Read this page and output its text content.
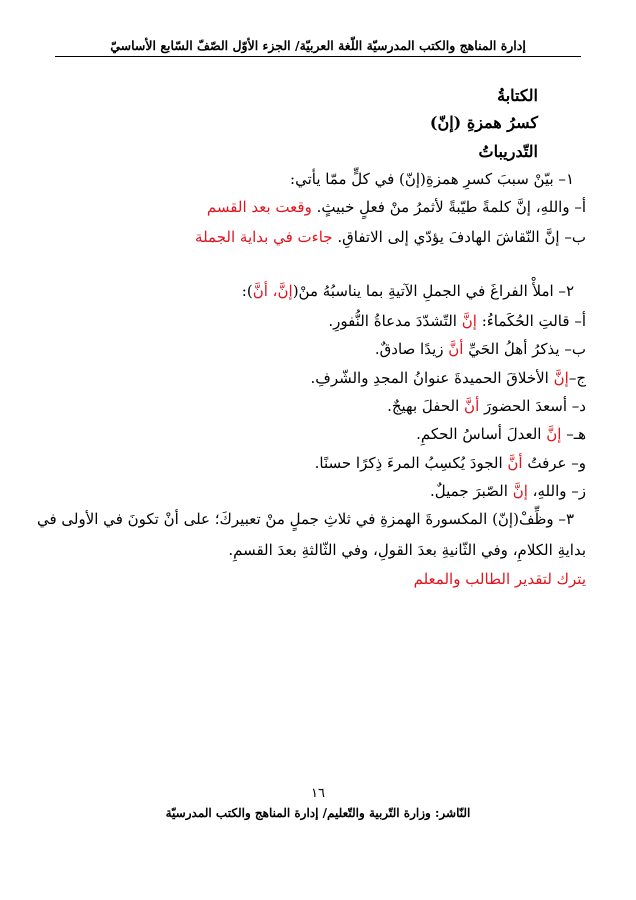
إدارة المناهج والكتب المدرسيّة اللّغة العربيّة/ الجزء الأوّل الصّفّ السّابع الأساسيّ
الكتابةُ
كسرُ همزةِ (إنّ)
التّدريباتُ
١– بيّنْ سببَ كسرِ همزةِ(إنّ) في كلٍّ ممّا يأتي:
أ– واللهِ، إنَّ كلمةً طيّبةً لأثمرُ منْ فعلٍ خبيثٍ. وقعت بعد القسم
ب– إنَّ النّقاشَ الهادفَ يؤدّي إلى الاتفاقِ. جاءت في بداية الجملة
٢– املأْ الفراغَ في الجملِ الآتيةِ بما يناسبُهُ منْ(إنَّ، أنَّ):
أ– قالتِ الحُكَماءُ: إنَّ التّشدّدَ مدعاةُ النُّفورِ.
ب– يذكرُ أهلُ الحَيِّ أنَّ زيدًا صادقٌ.
ج–إنَّ الأخلاقَ الحميدةَ عنوانُ المجدِ والشّرفِ.
د– أسعدَ الحضورَ أنَّ الحفلَ بهيجٌ.
هـ– إنَّ العدلَ أساسُ الحكمِ.
و– عرفتُ أنَّ الجودَ يُكسِبُ المرءَ ذِكرًا حسنًا.
ز– واللهِ، إنَّ الصّبرَ جميلٌ.
٣– وظِّفْ(إنّ) المكسورةَ الهمزةِ في ثلاثِ جملٍ منْ تعبيركَ؛ على أنْ تكونَ في الأولى في
بدايةِ الكلامِ، وفي الثّانيةِ بعدَ القولِ، وفي الثّالثةِ بعدَ القسمِ.
يترك لتقدير الطالب والمعلم
١٦
النّاشر: وزارة التّربية والتّعليم/ إدارة المناهج والكتب المدرسيّة
